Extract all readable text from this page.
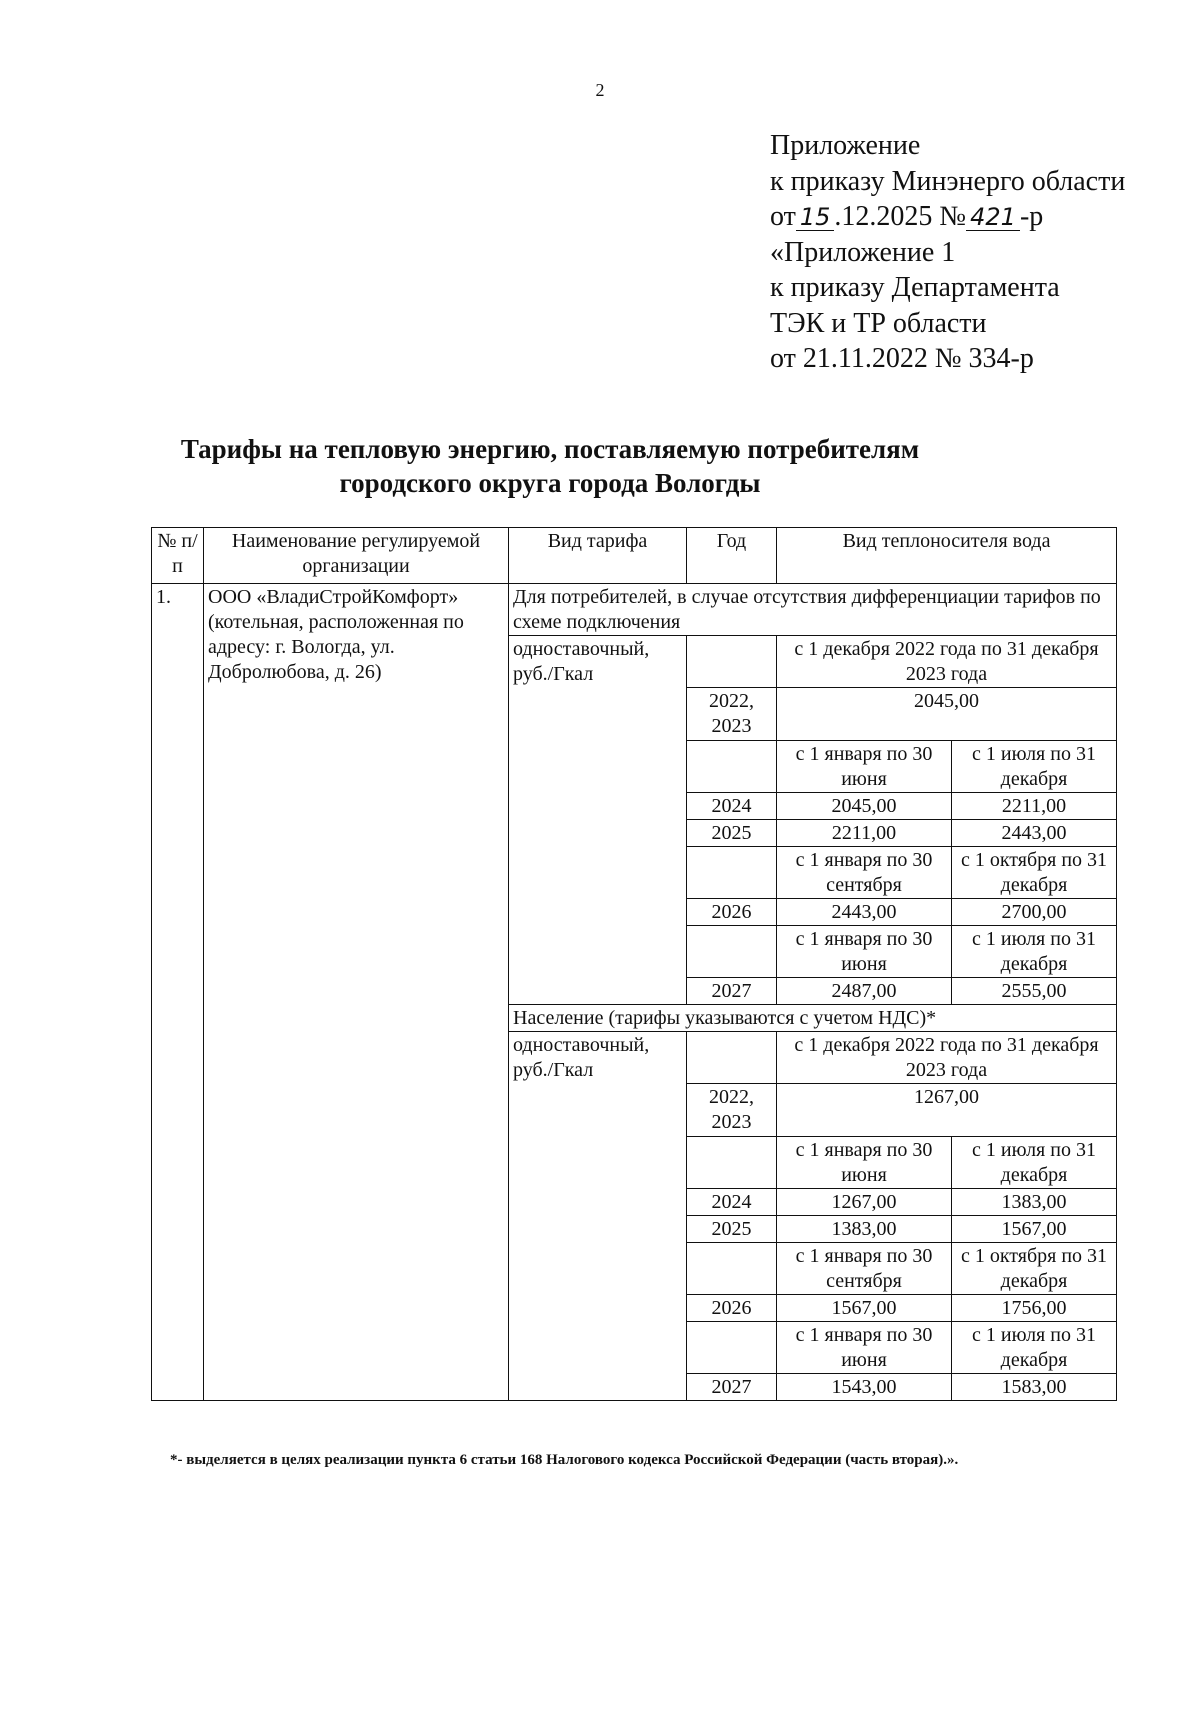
2
Приложение
к приказу Минэнерго области
от 15 .12.2025 № 421 -р
«Приложение 1
к приказу Департамента
ТЭК и ТР области
от 21.11.2022 № 334-р
Тарифы на тепловую энергию, поставляемую потребителям
городского округа города Вологды
№ п/п	Наименование регулируемой организации	Вид тарифа	Год	Вид теплоносителя вода	
1.	ООО «ВладиСтройКомфорт» (котельная, расположенная по адресу: г. Вологда, ул. Добролюбова, д. 26)	Для потребителей, в случае отсутствия дифференциации тарифов по схеме подключения			
		одноставочный, руб./Гкал		с 1 декабря 2022 года по 31 декабря 2023 года	
			2022, 2023	2045,00	
				с 1 января по 30 июня	с 1 июля по 31 декабря
			2024	2045,00	2211,00
			2025	2211,00	2443,00
				с 1 января по 30 сентября	с 1 октября по 31 декабря
			2026	2443,00	2700,00
				с 1 января по 30 июня	с 1 июля по 31 декабря
			2027	2487,00	2555,00
		Население (тарифы указываются с учетом НДС)*			
		одноставочный, руб./Гкал		с 1 декабря 2022 года по 31 декабря 2023 года	
			2022, 2023	1267,00	
				с 1 января по 30 июня	с 1 июля по 31 декабря
			2024	1267,00	1383,00
			2025	1383,00	1567,00
				с 1 января по 30 сентября	с 1 октября по 31 декабря
			2026	1567,00	1756,00
				с 1 января по 30 июня	с 1 июля по 31 декабря
			2027	1543,00	1583,00
*- выделяется в целях реализации пункта 6 статьи 168 Налогового кодекса Российской Федерации (часть вторая).».
